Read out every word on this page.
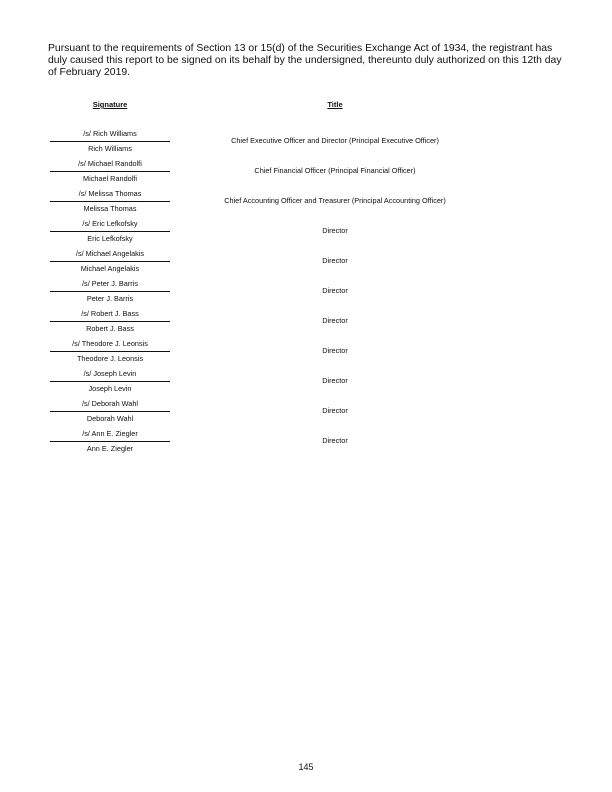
Pursuant to the requirements of Section 13 or 15(d) of the Securities Exchange Act of 1934, the registrant has duly caused this report to be signed on its behalf by the undersigned, thereunto duly authorized on this 12th day of February 2019.

Signature	Title
/s/ Rich Williams
Rich Williams
Chief Executive Officer and Director (Principal Executive Officer)
/s/ Michael Randolfi
Michael Randolfi
Chief Financial Officer (Principal Financial Officer)
/s/ Melissa Thomas
Melissa Thomas
Chief Accounting Officer and Treasurer (Principal Accounting Officer)
/s/ Eric Lefkofsky
Eric Lefkofsky
Director
/s/ Michael Angelakis
Michael Angelakis
Director
/s/ Peter J. Barris
Peter J. Barris
Director
/s/ Robert J. Bass
Robert J. Bass
Director
/s/ Theodore J. Leonsis
Theodore J. Leonsis
Director
/s/ Joseph Levin
Joseph Levin
Director
/s/ Deborah Wahl
Deborah Wahl
Director
/s/ Ann E. Ziegler
Ann E. Ziegler
Director
145
